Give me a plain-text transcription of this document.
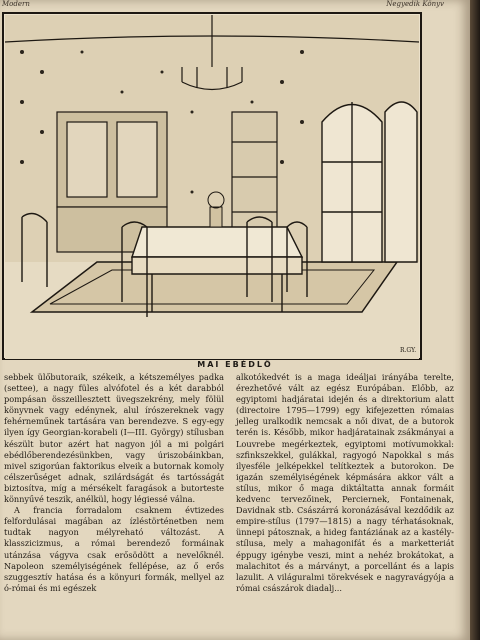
Modern	Negyedik Könyv
R.GY.
MAI EBÉDLŐ

sebbek ülőbutoraik, székeik, a kétszemélyes padka (settee), a nagy füles alvófotel és a két darabból pompásan összeillesztett üvegszekrény, mely fölül könyvnek vagy edénynek, alul írószereknek vagy fehérneműnek tartására van berendezve. S egy-egy ilyen így Georgian-korabeli (I—III. György) stílusban készült butor azért hat nagyon jól a mi polgári ebédlőberendezésünkben, vagy úriszobáinkban, mivel szigorúan faktorikus elveik a butornak komoly célszerűséget adnak, szilárdságát és tartósságát biztosítva, míg a mérsékelt faragások a butorteste könnyűvé teszik, anélkül, hogy légiessé válna.

A francia forradalom csaknem évtizedes felfordulásai magában az ízléstörténetben nem tudtak nagyon mélyreható változást. A klasszicizmus, a római berendező formáinak utánzása vágyva csak erősödött a nevelőknél. Napoleon személyiségének fellépése, az ő erős szuggesztív hatása és a könyuri formák, mellyel az ó-római és mi egészek

alkotókedvét is a maga ideáljai irányába terelte, érezhetővé vált az egész Európában. Előbb, az egyiptomi hadjáratai idején és a direktorium alatt (directoire 1795—1799) egy kifejezetten rómaias jelleg uralkodik nemcsak a női divat, de a butorok terén is. Később, mikor hadjáratainak zsákmányai a Louvrebe megérkeztek, egyiptomi motívumokkal: szfinkszekkel, gulákkal, ragyogó Napokkal s más ilyesféle jelképekkel telítkeztek a butorokon. De igazán személyiségének képmására akkor vált a stílus, mikor ő maga diktáltatta annak formáit kedvenc tervezőinek, Perciernek, Fontainenak, Davidnak stb. Császárrá koronázásával kezdődik az empire-stílus (1797—1815) a nagy térhatásoknak, ünnepi pátosznak, a hideg fantáziának az a kastély-stílusa, mely a mahagonifát és a marketteriát éppugy igénybe veszi, mint a nehéz brokátokat, a malachitot és a márványt, a porcellánt és a lapis lazulit. A világuralmi törekvések e nagyravágyója a római császárok diadalj...
